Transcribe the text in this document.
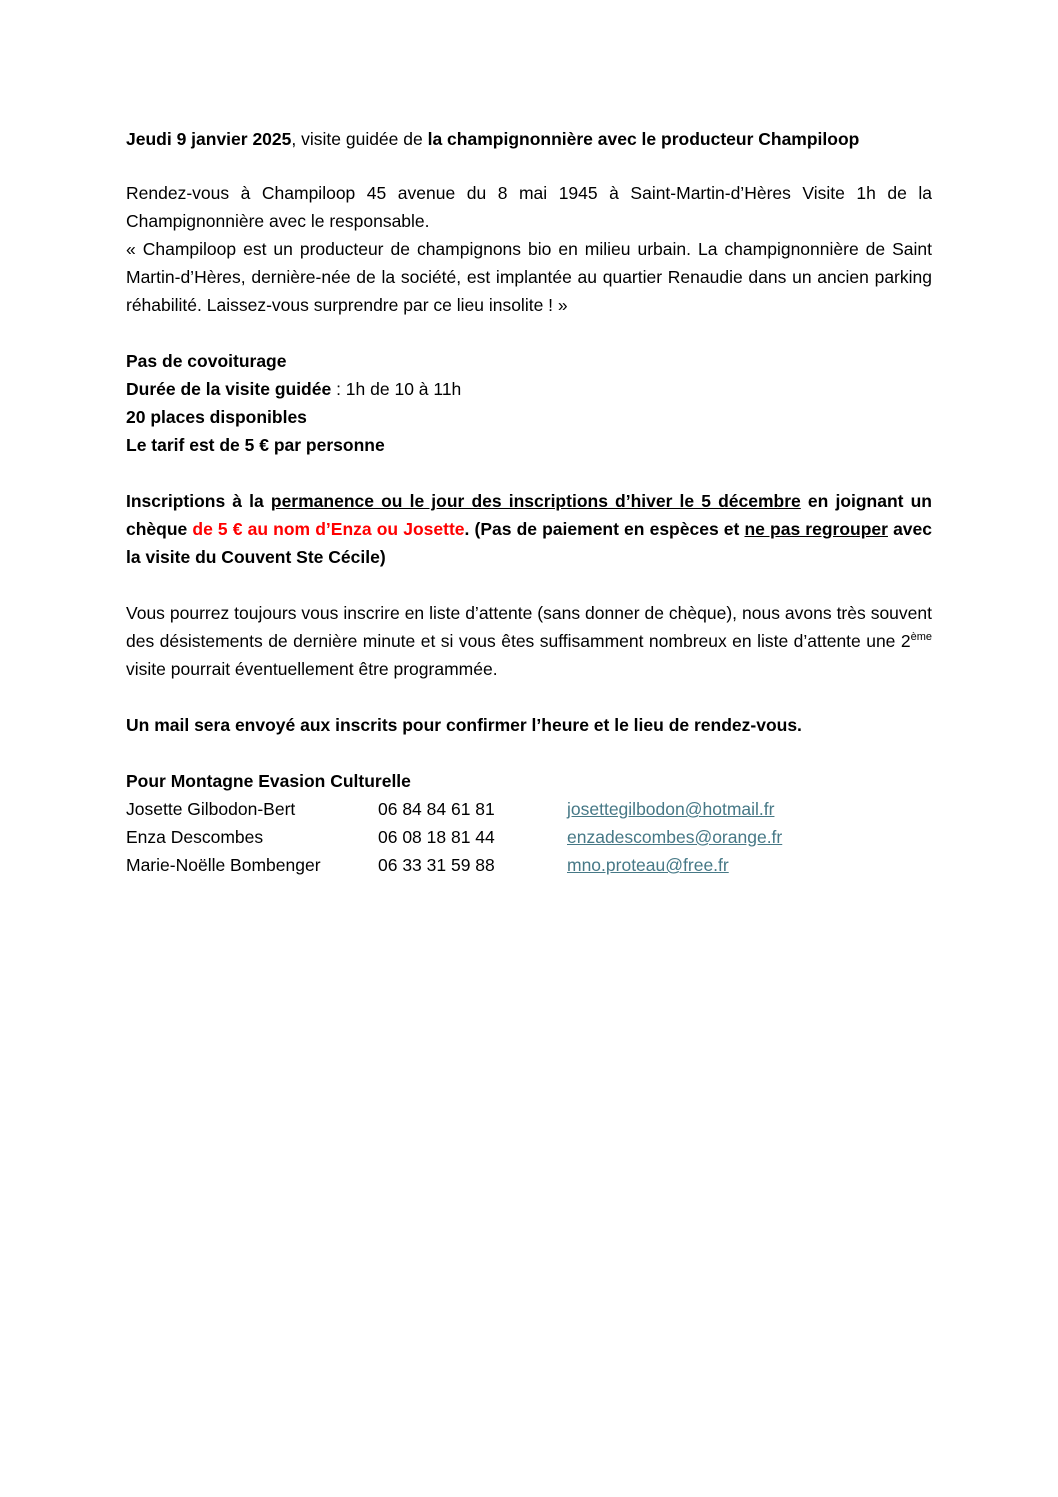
Jeudi 9 janvier 2025, visite guidée de la champignonnière avec le producteur Champiloop

Rendez-vous à Champiloop 45 avenue du 8 mai 1945 à Saint-Martin-d’Hères Visite 1h de la Champignonnière avec le responsable.

« Champiloop est un producteur de champignons bio en milieu urbain. La champignonnière de Saint Martin-d’Hères, dernière-née de la société, est implantée au quartier Renaudie dans un ancien parking réhabilité. Laissez-vous surprendre par ce lieu insolite ! »

Pas de covoiturage

Durée de la visite guidée : 1h de 10 à 11h

20 places disponibles

Le tarif est de 5 € par personne

Inscriptions à la permanence ou le jour des inscriptions d’hiver le 5 décembre en joignant un chèque de 5 € au nom d’Enza ou Josette. (Pas de paiement en espèces et ne pas regrouper avec la visite du Couvent Ste Cécile)

Vous pourrez toujours vous inscrire en liste d’attente (sans donner de chèque), nous avons très souvent des désistements de dernière minute et si vous êtes suffisamment nombreux en liste d’attente une 2ème visite pourrait éventuellement être programmée.

Un mail sera envoyé aux inscrits pour confirmer l’heure et le lieu de rendez-vous.

Pour Montagne Evasion Culturelle

Josette Gilbodon-Bert	06 84 84 61 81	josettegilbodon@hotmail.fr
Enza Descombes	06 08 18 81 44	enzadescombes@orange.fr
Marie-Noëlle Bombenger	06 33 31 59 88	mno.proteau@free.fr
